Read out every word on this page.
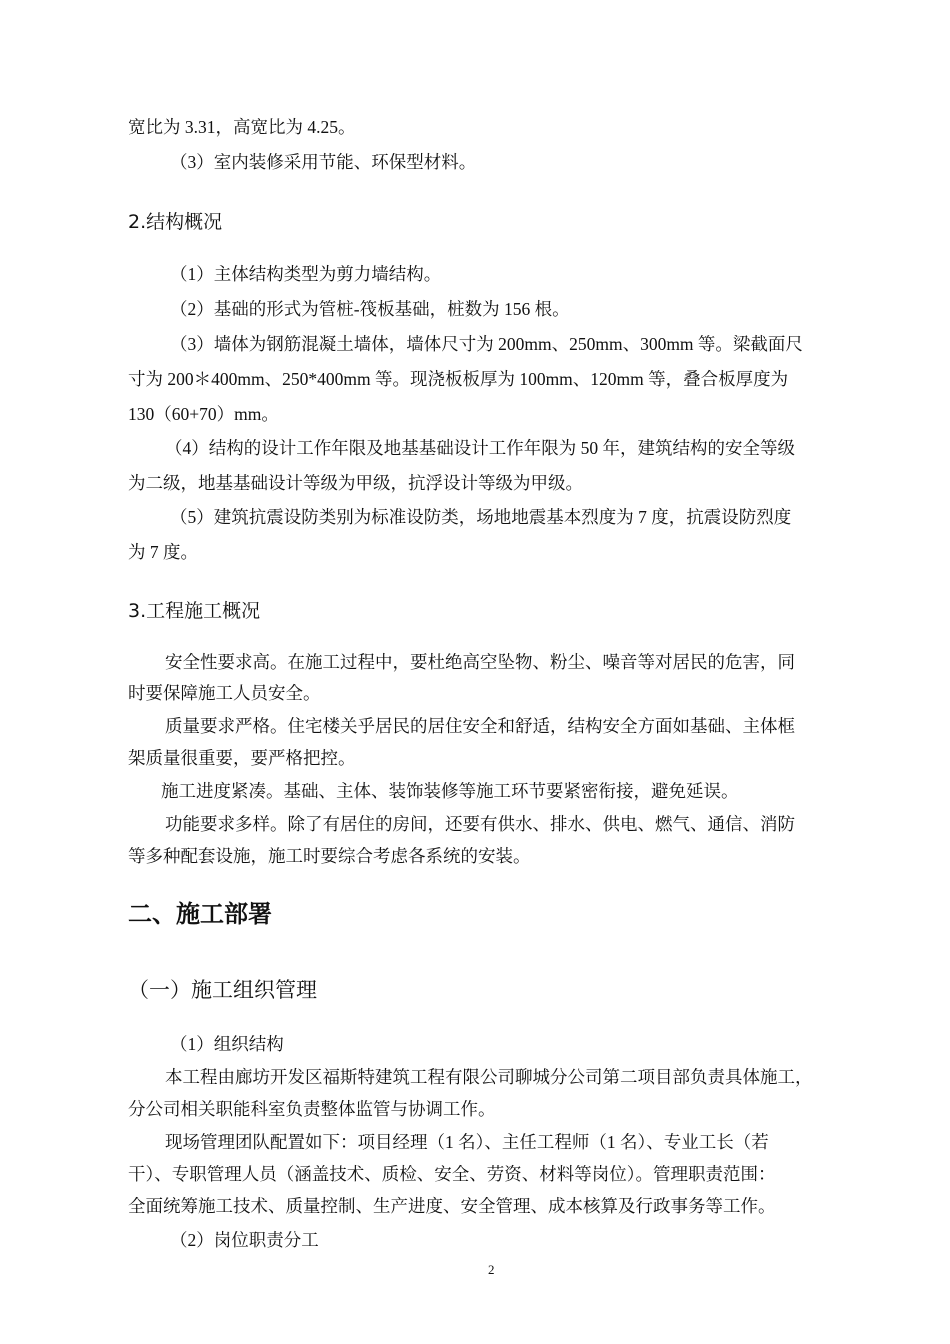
宽比为 3.31，高宽比为 4.25。
（3）室内装修采用节能、环保型材料。
2.结构概况
（1）主体结构类型为剪力墙结构。
（2）基础的形式为管桩-筏板基础，桩数为 156 根。
（3）墙体为钢筋混凝土墙体，墙体尺寸为 200mm、250mm、300mm 等。梁截面尺
寸为 200＊400mm、250*400mm 等。现浇板板厚为 100mm、120mm 等，叠合板厚度为
130（60+70）mm。
（4）结构的设计工作年限及地基基础设计工作年限为 50 年，建筑结构的安全等级
为二级，地基基础设计等级为甲级，抗浮设计等级为甲级。
（5）建筑抗震设防类别为标准设防类，场地地震基本烈度为 7 度，抗震设防烈度
为 7 度。
3.工程施工概况
安全性要求高。在施工过程中，要杜绝高空坠物、粉尘、噪音等对居民的危害，同
时要保障施工人员安全。
质量要求严格。住宅楼关乎居民的居住安全和舒适，结构安全方面如基础、主体框
架质量很重要，要严格把控。
施工进度紧凑。基础、主体、装饰装修等施工环节要紧密衔接，避免延误。
功能要求多样。除了有居住的房间，还要有供水、排水、供电、燃气、通信、消防
等多种配套设施，施工时要综合考虑各系统的安装。
二、施工部署
（一）施工组织管理
（1）组织结构
本工程由廊坊开发区福斯特建筑工程有限公司聊城分公司第二项目部负责具体施工，
分公司相关职能科室负责整体监管与协调工作。
现场管理团队配置如下：项目经理（1 名）、主任工程师（1 名）、专业工长（若
干）、专职管理人员（涵盖技术、质检、安全、劳资、材料等岗位）。管理职责范围：
全面统筹施工技术、质量控制、生产进度、安全管理、成本核算及行政事务等工作。
（2）岗位职责分工
2
